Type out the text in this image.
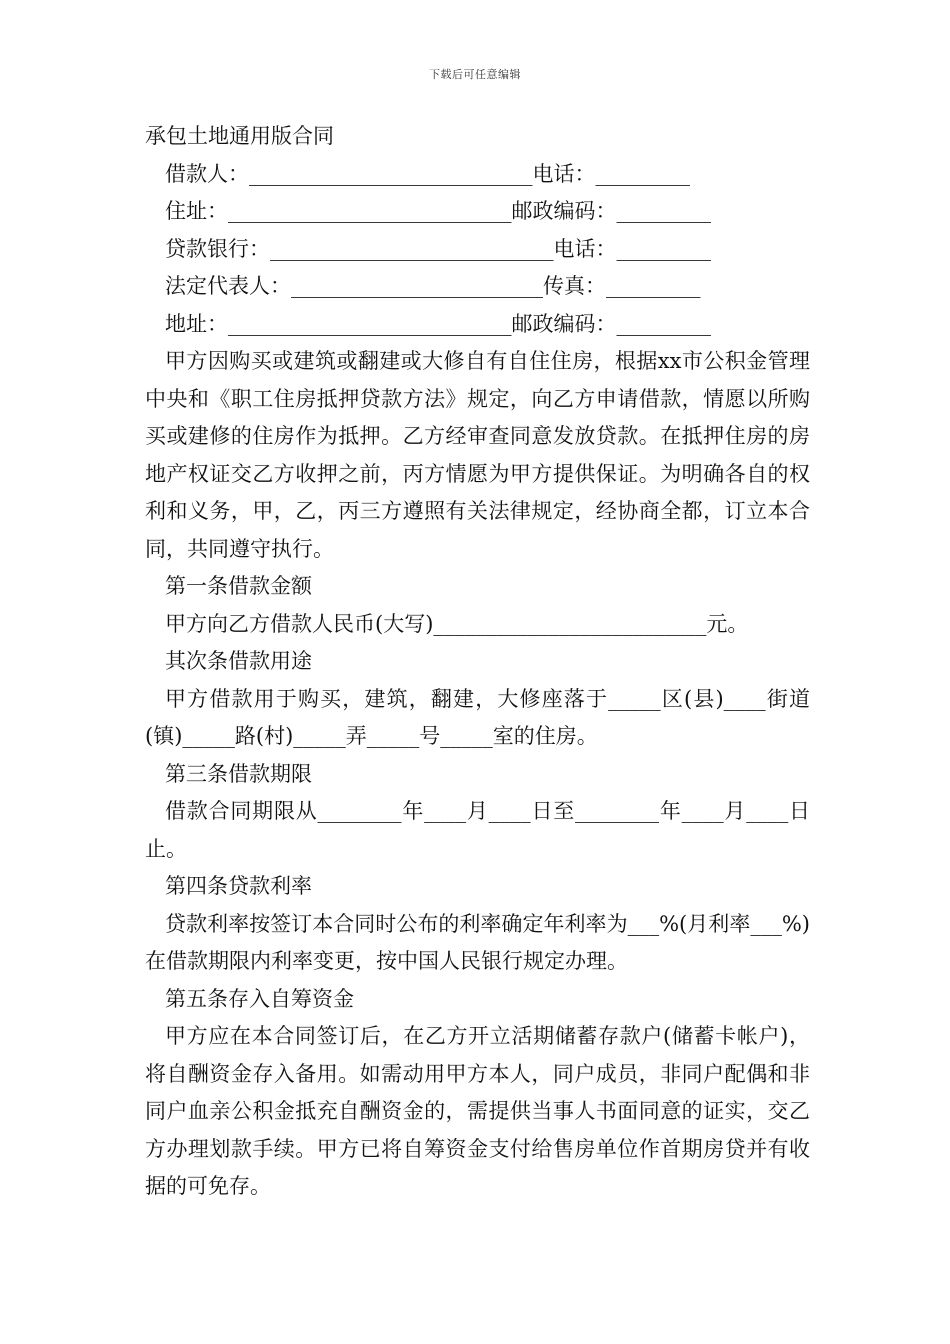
下载后可任意编辑

承包土地通用版合同

借款人：___________________________电话：_________

住址：___________________________邮政编码：_________

贷款银行：___________________________电话：_________

法定代表人：________________________传真：_________

地址：___________________________邮政编码：_________

甲方因购买或建筑或翻建或大修自有自住住房，根据xx市公积金管理中央和《职工住房抵押贷款方法》规定，向乙方申请借款，情愿以所购买或建修的住房作为抵押。乙方经审查同意发放贷款。在抵押住房的房地产权证交乙方收押之前，丙方情愿为甲方提供保证。为明确各自的权利和义务，甲，乙，丙三方遵照有关法律规定，经协商全都，订立本合同，共同遵守执行。

第一条借款金额

甲方向乙方借款人民币(大写)__________________________元。

其次条借款用途

甲方借款用于购买，建筑，翻建，大修座落于_____区(县)____街道(镇)_____路(村)_____弄_____号_____室的住房。

第三条借款期限

借款合同期限从________年____月____日至________年____月____日止。

第四条贷款利率

贷款利率按签订本合同时公布的利率确定年利率为___%(月利率___%)在借款期限内利率变更，按中国人民银行规定办理。

第五条存入自筹资金

甲方应在本合同签订后，在乙方开立活期储蓄存款户(储蓄卡帐户)，将自酬资金存入备用。如需动用甲方本人，同户成员，非同户配偶和非同户血亲公积金抵充自酬资金的，需提供当事人书面同意的证实，交乙方办理划款手续。甲方已将自筹资金支付给售房单位作首期房贷并有收据的可免存。
